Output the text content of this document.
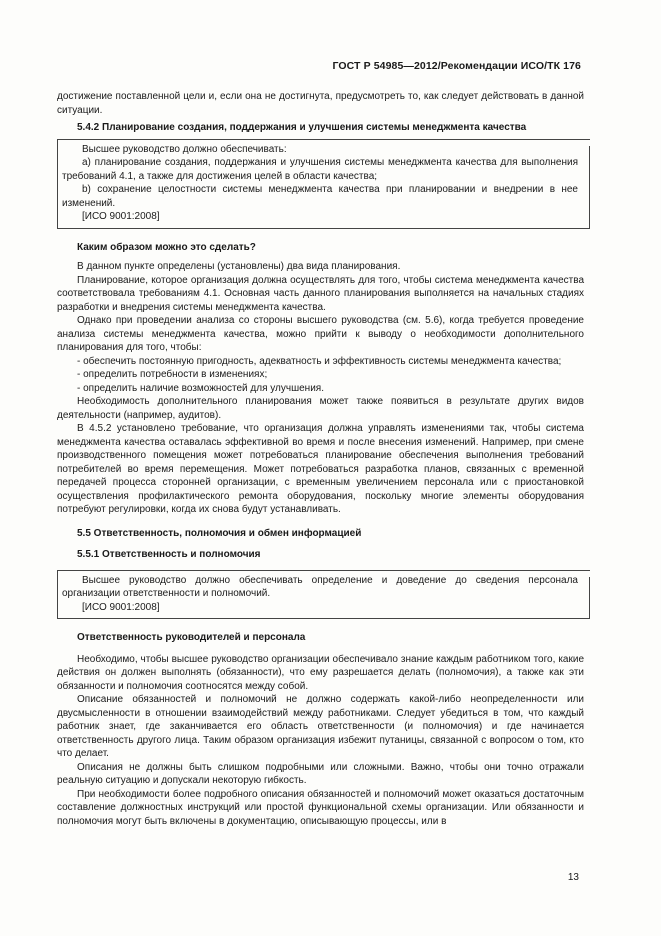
ГОСТ Р 54985—2012/Рекомендации ИСО/ТК 176

достижение поставленной цели и, если она не достигнута, предусмотреть то, как следует действовать в данной ситуации.

5.4.2 Планирование создания, поддержания и улучшения системы менеджмента качества

Высшее руководство должно обеспечивать:

a) планирование создания, поддержания и улучшения системы менеджмента качества для выполнения требований 4.1, а также для достижения целей в области качества;

b) сохранение целостности системы менеджмента качества при планировании и внедрении в нее изменений.

[ИСО 9001:2008]

Каким образом можно это сделать?

В данном пункте определены (установлены) два вида планирования.

Планирование, которое организация должна осуществлять для того, чтобы система менеджмента качества соответствовала требованиям 4.1. Основная часть данного планирования выполняется на начальных стадиях разработки и внедрения системы менеджмента качества.

Однако при проведении анализа со стороны высшего руководства (см. 5.6), когда требуется проведение анализа системы менеджмента качества, можно прийти к выводу о необходимости дополнительного планирования для того, чтобы:

- обеспечить постоянную пригодность, адекватность и эффективность системы менеджмента качества;

- определить потребности в изменениях;

- определить наличие возможностей для улучшения.

Необходимость дополнительного планирования может также появиться в результате других видов деятельности (например, аудитов).

В 4.5.2 установлено требование, что организация должна управлять изменениями так, чтобы система менеджмента качества оставалась эффективной во время и после внесения изменений. Например, при смене производственного помещения может потребоваться планирование обеспечения выполнения требований потребителей во время перемещения. Может потребоваться разработка планов, связанных с временной передачей процесса сторонней организации, с временным увеличением персонала или с приостановкой осуществления профилактического ремонта оборудования, поскольку многие элементы оборудования потребуют регулировки, когда их снова будут устанавливать.

5.5 Ответственность, полномочия и обмен информацией

5.5.1 Ответственность и полномочия

Высшее руководство должно обеспечивать определение и доведение до сведения персонала организации ответственности и полномочий.

[ИСО 9001:2008]

Ответственность руководителей и персонала

Необходимо, чтобы высшее руководство организации обеспечивало знание каждым работником того, какие действия он должен выполнять (обязанности), что ему разрешается делать (полномочия), а также как эти обязанности и полномочия соотносятся между собой.

Описание обязанностей и полномочий не должно содержать какой-либо неопределенности или двусмысленности в отношении взаимодействий между работниками. Следует убедиться в том, что каждый работник знает, где заканчивается его область ответственности (и полномочия) и где начинается ответственность другого лица. Таким образом организация избежит путаницы, связанной с вопросом о том, кто что делает.

Описания не должны быть слишком подробными или сложными. Важно, чтобы они точно отражали реальную ситуацию и допускали некоторую гибкость.

При необходимости более подробного описания обязанностей и полномочий может оказаться достаточным составление должностных инструкций или простой функциональной схемы организации. Или обязанности и полномочия могут быть включены в документацию, описывающую процессы, или в

13
